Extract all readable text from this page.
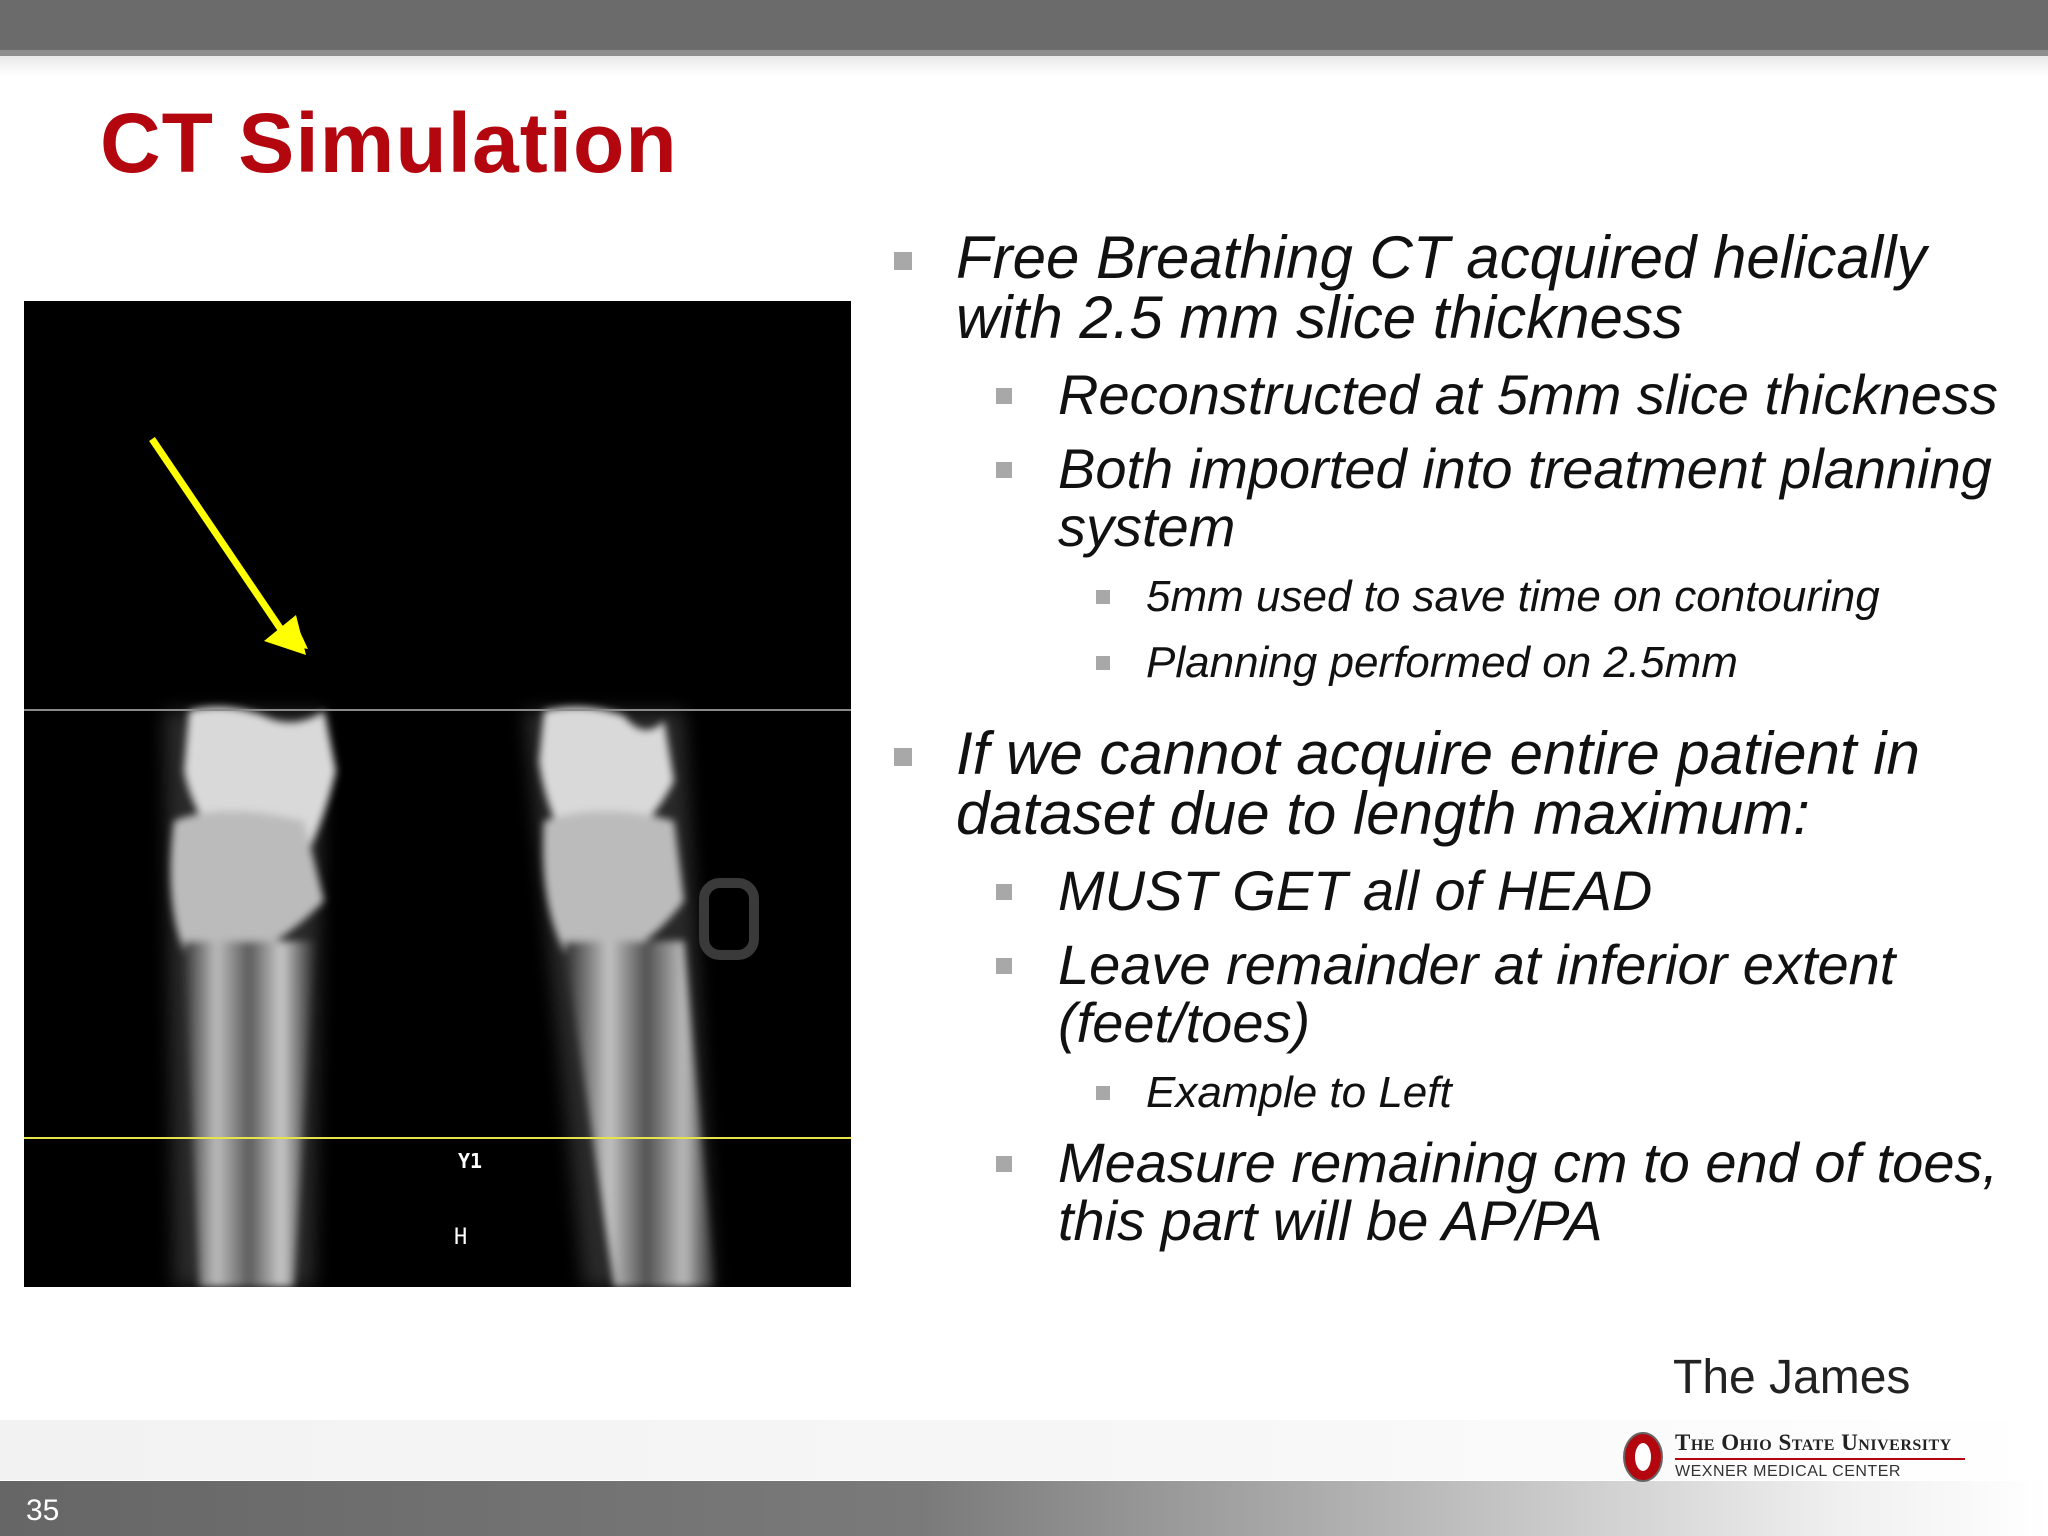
CT Simulation
Y1
H
Free Breathing CT acquired helically with 2.5 mm slice thickness
Reconstructed at 5mm slice thickness
Both imported into treatment planning system
5mm used to save time on contouring
Planning performed on 2.5mm
If we cannot acquire entire patient in dataset due to length maximum:
MUST GET all of HEAD
Leave remainder at inferior extent (feet/toes)
Example to Left
Measure remaining cm to end of toes, this part will be AP/PA
The James
35
The Ohio State University
WEXNER MEDICAL CENTER
